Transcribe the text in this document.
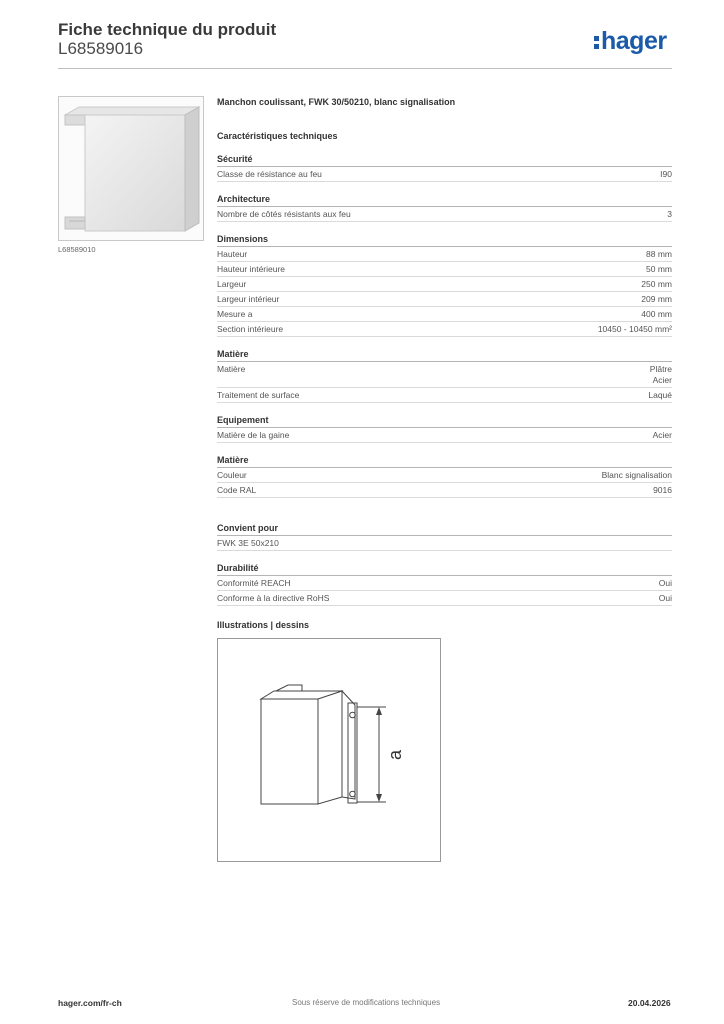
Fiche technique du produit
L68589016	hager
L68589010
Manchon coulissant, FWK 30/50210, blanc signalisation
Caractéristiques techniques
Sécurité
Classe de résistance au feu	I90
Architecture
Nombre de côtés résistants aux feu	3
Dimensions
Hauteur	88 mm
Hauteur intérieure	50 mm
Largeur	250 mm
Largeur intérieur	209 mm
Mesure a	400 mm
Section intérieure	10450 - 10450 mm²
Matière
Matière	Plâtre
Acier
Traitement de surface	Laqué
Equipement
Matière de la gaine	Acier
Matière
Couleur	Blanc signalisation
Code RAL	9016
Convient pour
FWK 3E 50x210
Durabilité
Conformité REACH	Oui
Conforme à la directive RoHS	Oui
Illustrations | dessins
a
hager.com/fr-ch	Sous réserve de modifications techniques	20.04.2026
